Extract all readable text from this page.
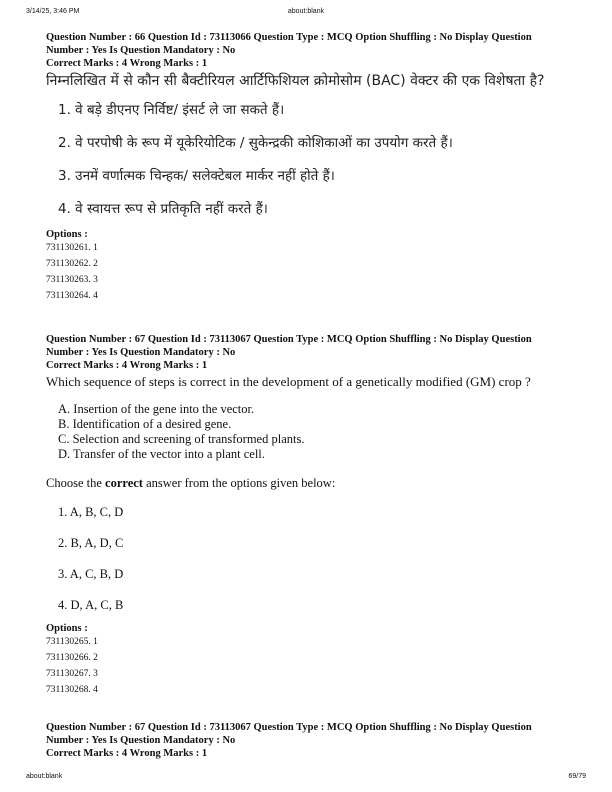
3/14/25, 3:46 PM	about:blank

Question Number : 66 Question Id : 73113066 Question Type : MCQ Option Shuffling : No Display Question

Number : Yes Is Question Mandatory : No

Correct Marks : 4 Wrong Marks : 1

निम्नलिखित में से कौन सी बैक्टीरियल आर्टिफिशियल क्रोमोसोम (BAC) वेक्टर की एक विशेषता है?
1. वे बड़े डीएनए निर्विष्ट/ इंसर्ट ले जा सकते हैं।
2. वे परपोषी के रूप में यूकेरियोटिक / सुकेन्द्रकी कोशिकाओं का उपयोग करते हैं।
3. उनमें वर्णात्मक चिन्हक/ सलेक्टेबल मार्कर नहीं होते हैं।
4. वे स्वायत्त रूप से प्रतिकृति नहीं करते हैं।
Options :
731130261. 1
731130262. 2
731130263. 3
731130264. 4

Question Number : 67 Question Id : 73113067 Question Type : MCQ Option Shuffling : No Display Question

Number : Yes Is Question Mandatory : No

Correct Marks : 4 Wrong Marks : 1

Which sequence of steps is correct in the development of a genetically modified (GM) crop ?
A. Insertion of the gene into the vector.
B. Identification of a desired gene.
C. Selection and screening of transformed plants.
D. Transfer of the vector into a plant cell.
Choose the correct answer from the options given below:
1. A, B, C, D
2. B, A, D, C
3. A, C, B, D
4. D, A, C, B
Options :
731130265. 1
731130266. 2
731130267. 3
731130268. 4

Question Number : 67 Question Id : 73113067 Question Type : MCQ Option Shuffling : No Display Question

Number : Yes Is Question Mandatory : No

Correct Marks : 4 Wrong Marks : 1

about:blank	69/79
